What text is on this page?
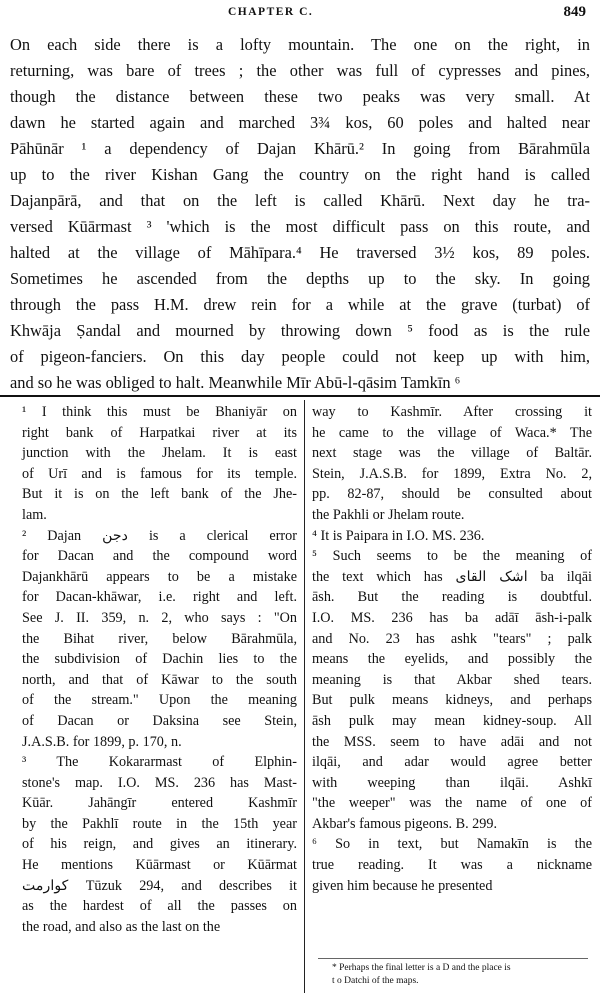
CHAPTER C.	849
On each side there is a lofty mountain. The one on the right, in
returning, was bare of trees ; the other was full of cypresses and pines,
though the distance between these two peaks was very small. At
dawn he started again and marched 3¾ kos, 60 poles and halted near
Pāhūnār ¹ a dependency of Dajan Khārū.² In going from Bārahmūla
up to the river Kishan Gang the country on the right hand is called
Dajanpārā, and that on the left is called Khārū. Next day he tra-
versed Kūārmast ³ 'which is the most difficult pass on this route, and
halted at the village of Māhīpara.⁴ He traversed 3½ kos, 89 poles.
Sometimes he ascended from the depths up to the sky. In going
through the pass H.M. drew rein for a while at the grave (turbat) of
Khwāja Ṣandal and mourned by throwing down ⁵ food as is the rule
of pigeon-fanciers. On this day people could not keep up with him,
and so he was obliged to halt. Meanwhile Mīr Abū-l-qāsim Tamkīn ⁶
¹ I think this must be Bhaniyār on
right bank of Harpatkai river at its
junction with the Jhelam. It is east
of Urī and is famous for its temple.
But it is on the left bank of the Jhe-
lam.
² Dajan دجن is a clerical error
for Dacan and the compound word
Dajankhārū appears to be a mistake
for Dacan-khāwar, i.e. right and left.
See J. II. 359, n. 2, who says : "On
the Bihat river, below Bārahmūla,
the subdivision of Dachin lies to the
north, and that of Kāwar to the south
of the stream." Upon the meaning
of Dacan or Daksina see Stein,
J.A.S.B. for 1899, p. 170, n.
³ The Kokararmast of Elphin-
stone's map. I.O. MS. 236 has Mast-
Kūār. Jahāngīr entered Kashmīr
by the Pakhlī route in the 15th year
of his reign, and gives an itinerary.
He mentions Kūārmast or Kūārmat
كوارمت Tūzuk 294, and describes it
as the hardest of all the passes on
the road, and also as the last on the
way to Kashmīr. After crossing it
he came to the village of Waca.* The
next stage was the village of Baltār.
Stein, J.A.S.B. for 1899, Extra No. 2,
pp. 82-87, should be consulted about
the Pakhli or Jhelam route.
⁴ It is Paipara in I.O. MS. 236.
⁵ Such seems to be the meaning of
the text which has اشک القای ba ilqāi
āsh. But the reading is doubtful.
I.O. MS. 236 has ba adāī āsh-i-palk
and No. 23 has ashk "tears" ; palk
means the eyelids, and possibly the
meaning is that Akbar shed tears.
But pulk means kidneys, and perhaps
āsh pulk may mean kidney-soup. All
the MSS. seem to have adāi and not
ilqāi, and adar would agree better
with weeping than ilqāi. Ashkī
"the weeper" was the name of one of
Akbar's famous pigeons. B. 299.
⁶ So in text, but Namakīn is the
true reading. It was a nickname
given him because he presented
* Perhaps the final letter is a D and the place is
t o Datchi of the maps.
